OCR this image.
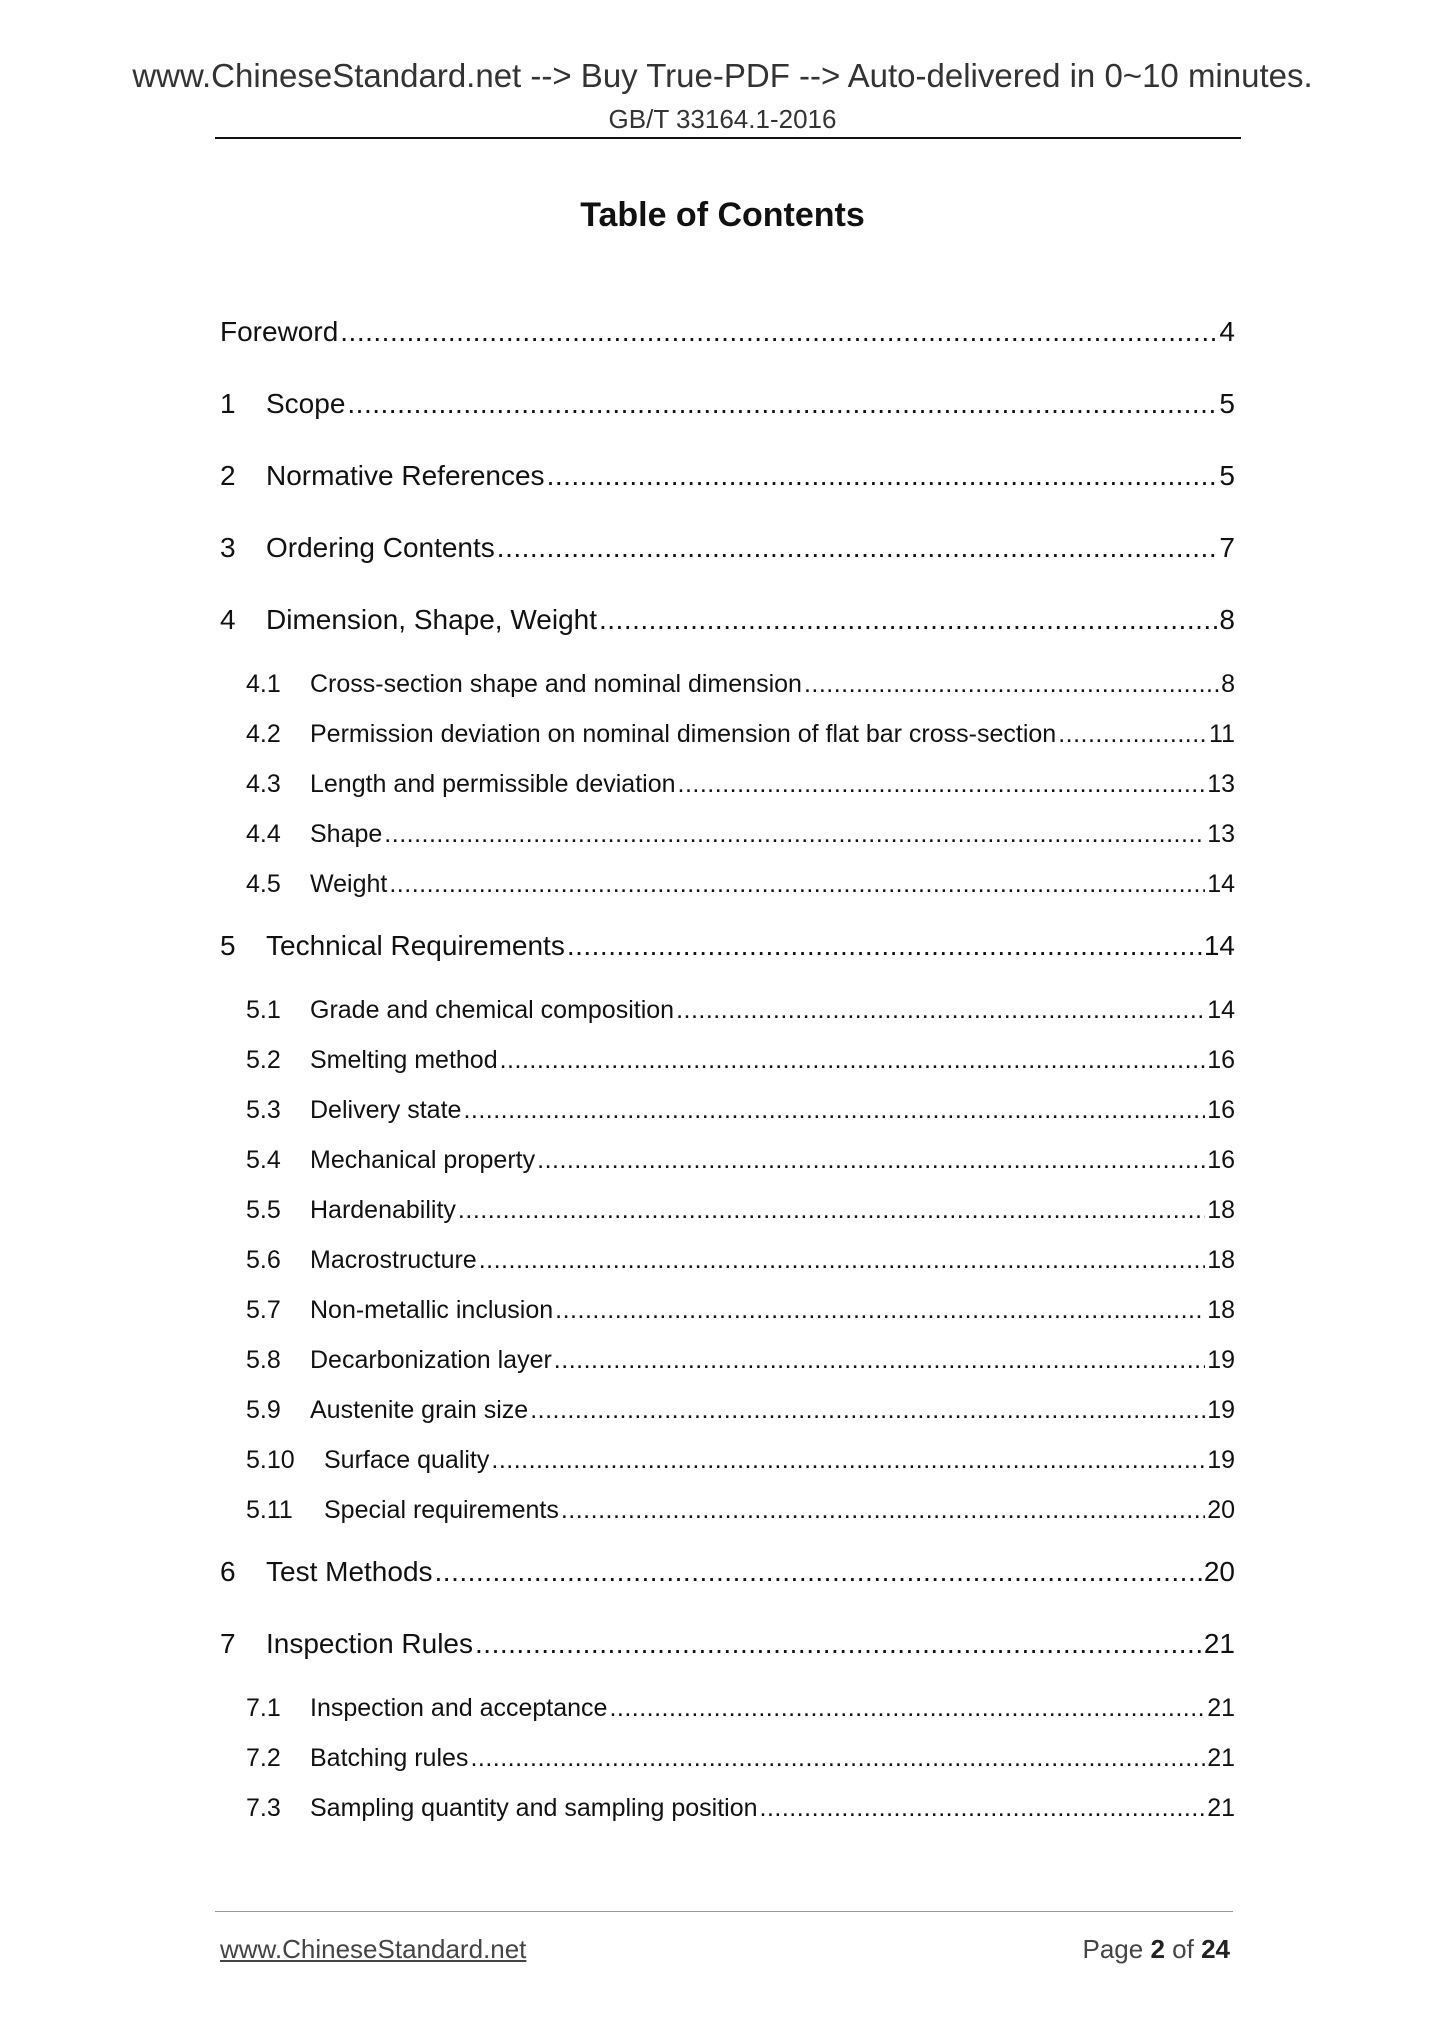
www.ChineseStandard.net --> Buy True-PDF --> Auto-delivered in 0~10 minutes.
GB/T 33164.1-2016
Table of Contents
Foreword .....	4
1	Scope .....	5
2	Normative References .....	5
3	Ordering Contents .....	7
4	Dimension, Shape, Weight .....	8
4.1	Cross-section shape and nominal dimension .....	8
4.2	Permission deviation on nominal dimension of flat bar cross-section .....	11
4.3	Length and permissible deviation .....	13
4.4	Shape .....	13
4.5	Weight .....	14
5	Technical Requirements .....	14
5.1	Grade and chemical composition .....	14
5.2	Smelting method .....	16
5.3	Delivery state .....	16
5.4	Mechanical property .....	16
5.5	Hardenability .....	18
5.6	Macrostructure .....	18
5.7	Non-metallic inclusion .....	18
5.8	Decarbonization layer .....	19
5.9	Austenite grain size .....	19
5.10	Surface quality .....	19
5.11	Special requirements .....	20
6	Test Methods .....	20
7	Inspection Rules .....	21
7.1	Inspection and acceptance .....	21
7.2	Batching rules .....	21
7.3	Sampling quantity and sampling position .....	21
www.ChineseStandard.net	Page 2 of 24
